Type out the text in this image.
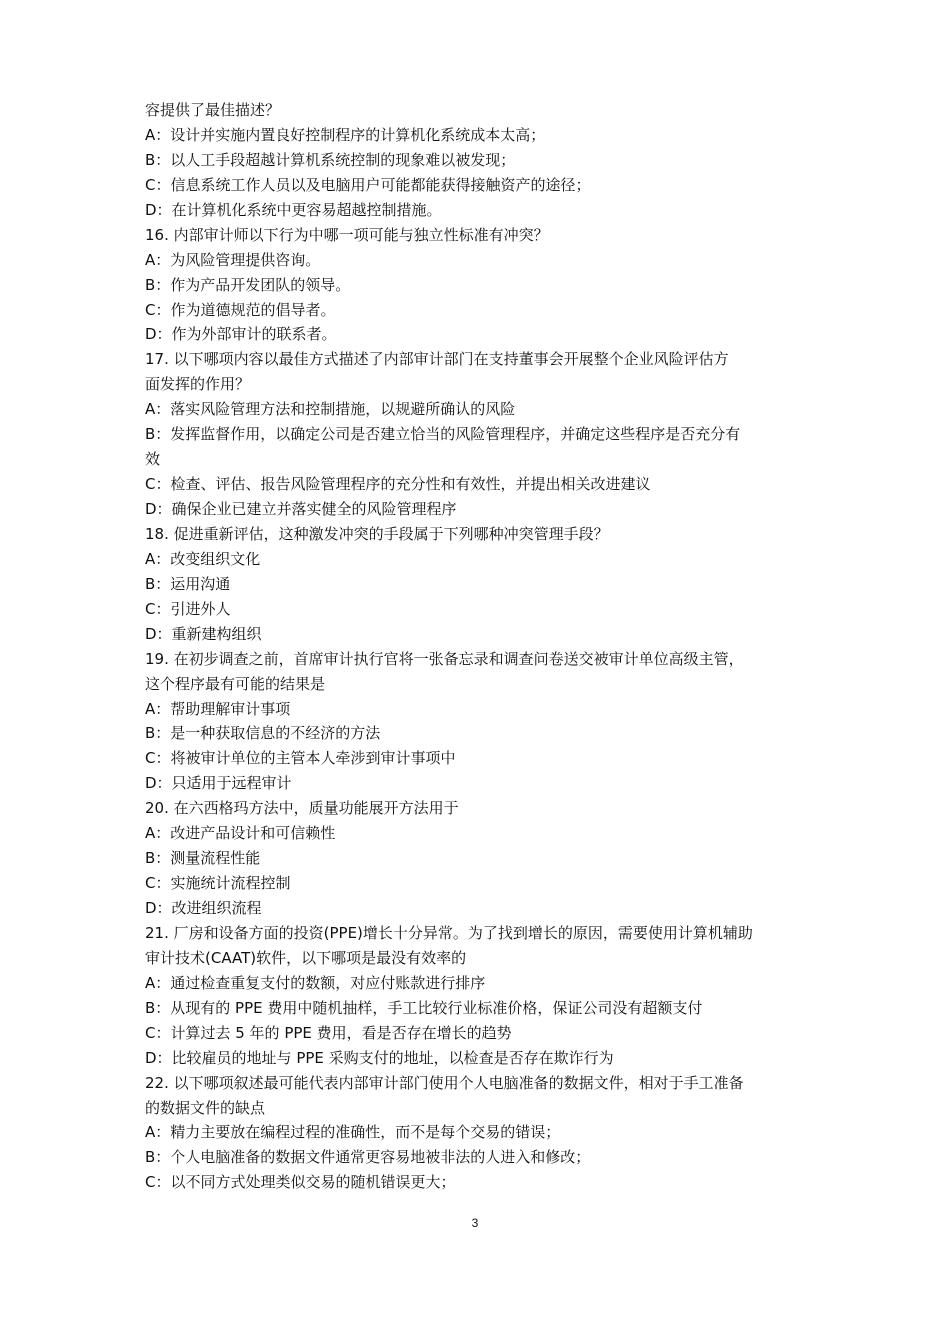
容提供了最佳描述？
A：设计并实施内置良好控制程序的计算机化系统成本太高；
B：以人工手段超越计算机系统控制的现象难以被发现；
C：信息系统工作人员以及电脑用户可能都能获得接触资产的途径；
D：在计算机化系统中更容易超越控制措施。
16. 内部审计师以下行为中哪一项可能与独立性标准有冲突？
A：为风险管理提供咨询。
B：作为产品开发团队的领导。
C：作为道德规范的倡导者。
D：作为外部审计的联系者。
17. 以下哪项内容以最佳方式描述了内部审计部门在支持董事会开展整个企业风险评估方
面发挥的作用？
A：落实风险管理方法和控制措施，以规避所确认的风险
B：发挥监督作用，以确定公司是否建立恰当的风险管理程序，并确定这些程序是否充分有
效
C：检查、评估、报告风险管理程序的充分性和有效性，并提出相关改进建议
D：确保企业已建立并落实健全的风险管理程序
18. 促进重新评估，这种激发冲突的手段属于下列哪种冲突管理手段？
A：改变组织文化
B：运用沟通
C：引进外人
D：重新建构组织
19. 在初步调查之前，首席审计执行官将一张备忘录和调查问卷送交被审计单位高级主管，
这个程序最有可能的结果是
A：帮助理解审计事项
B：是一种获取信息的不经济的方法
C：将被审计单位的主管本人牵涉到审计事项中
D：只适用于远程审计
20. 在六西格玛方法中，质量功能展开方法用于
A：改进产品设计和可信赖性
B：测量流程性能
C：实施统计流程控制
D：改进组织流程
21. 厂房和设备方面的投资(PPE)增长十分异常。为了找到增长的原因，需要使用计算机辅助
审计技术(CAAT)软件，以下哪项是最没有效率的
A：通过检查重复支付的数额，对应付账款进行排序
B：从现有的 PPE 费用中随机抽样，手工比较行业标准价格，保证公司没有超额支付
C：计算过去 5 年的 PPE 费用，看是否存在增长的趋势
D：比较雇员的地址与 PPE 采购支付的地址，以检查是否存在欺诈行为
22. 以下哪项叙述最可能代表内部审计部门使用个人电脑准备的数据文件，相对于手工准备
的数据文件的缺点
A：精力主要放在编程过程的准确性，而不是每个交易的错误；
B：个人电脑准备的数据文件通常更容易地被非法的人进入和修改；
C：以不同方式处理类似交易的随机错误更大；
3
